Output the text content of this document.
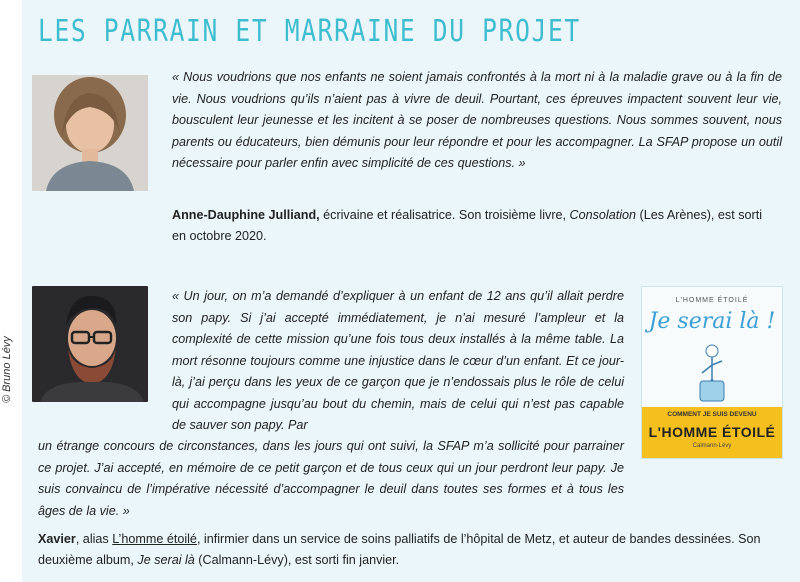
LES PARRAIN ET MARRAINE DU PROJET

« Nous voudrions que nos enfants ne soient jamais confrontés à la mort ni à la maladie grave ou à la fin de vie. Nous voudrions qu’ils n’aient pas à vivre de deuil. Pourtant, ces épreuves impactent souvent leur vie, bousculent leur jeunesse et les incitent à se poser de nombreuses questions. Nous sommes souvent, nous parents ou éducateurs, bien démunis pour leur répondre et pour les accompagner. La SFAP propose un outil nécessaire pour parler enfin avec simplicité de ces questions. »

Anne-Dauphine Julliand, écrivaine et réalisatrice. Son troisième livre, Consolation (Les Arènes), est sorti en octobre 2020.

© Bruno Lévy

« Un jour, on m’a demandé d’expliquer à un enfant de 12 ans qu’il allait perdre son papy. Si j’ai accepté immédiatement, je n’ai mesuré l’ampleur et la complexité de cette mission qu’une fois tous deux installés à la même table. La mort résonne toujours comme une injustice dans le cœur d’un enfant. Et ce jour-là, j’ai perçu dans les yeux de ce garçon que je n’endossais plus le rôle de celui qui accompagne jusqu’au bout du chemin, mais de celui qui n’est pas capable de sauver son papy. Par

un étrange concours de circonstances, dans les jours qui ont suivi, la SFAP m’a sollicité pour parrainer ce projet. J’ai accepté, en mémoire de ce petit garçon et de tous ceux qui un jour perdront leur papy. Je suis convaincu de l’impérative nécessité d’accompagner le deuil dans toutes ses formes et à tous les âges de la vie. »

Xavier, alias L’homme étoilé, infirmier dans un service de soins palliatifs de l’hôpital de Metz, et auteur de bandes dessinées. Son deuxième album, Je serai là (Calmann-Lévy), est sorti fin janvier.

L'HOMME ÉTOILÉ
Je serai là !
COMMENT JE SUIS DEVENU
L'HOMME ÉTOILÉ
Calmann-Lévy
